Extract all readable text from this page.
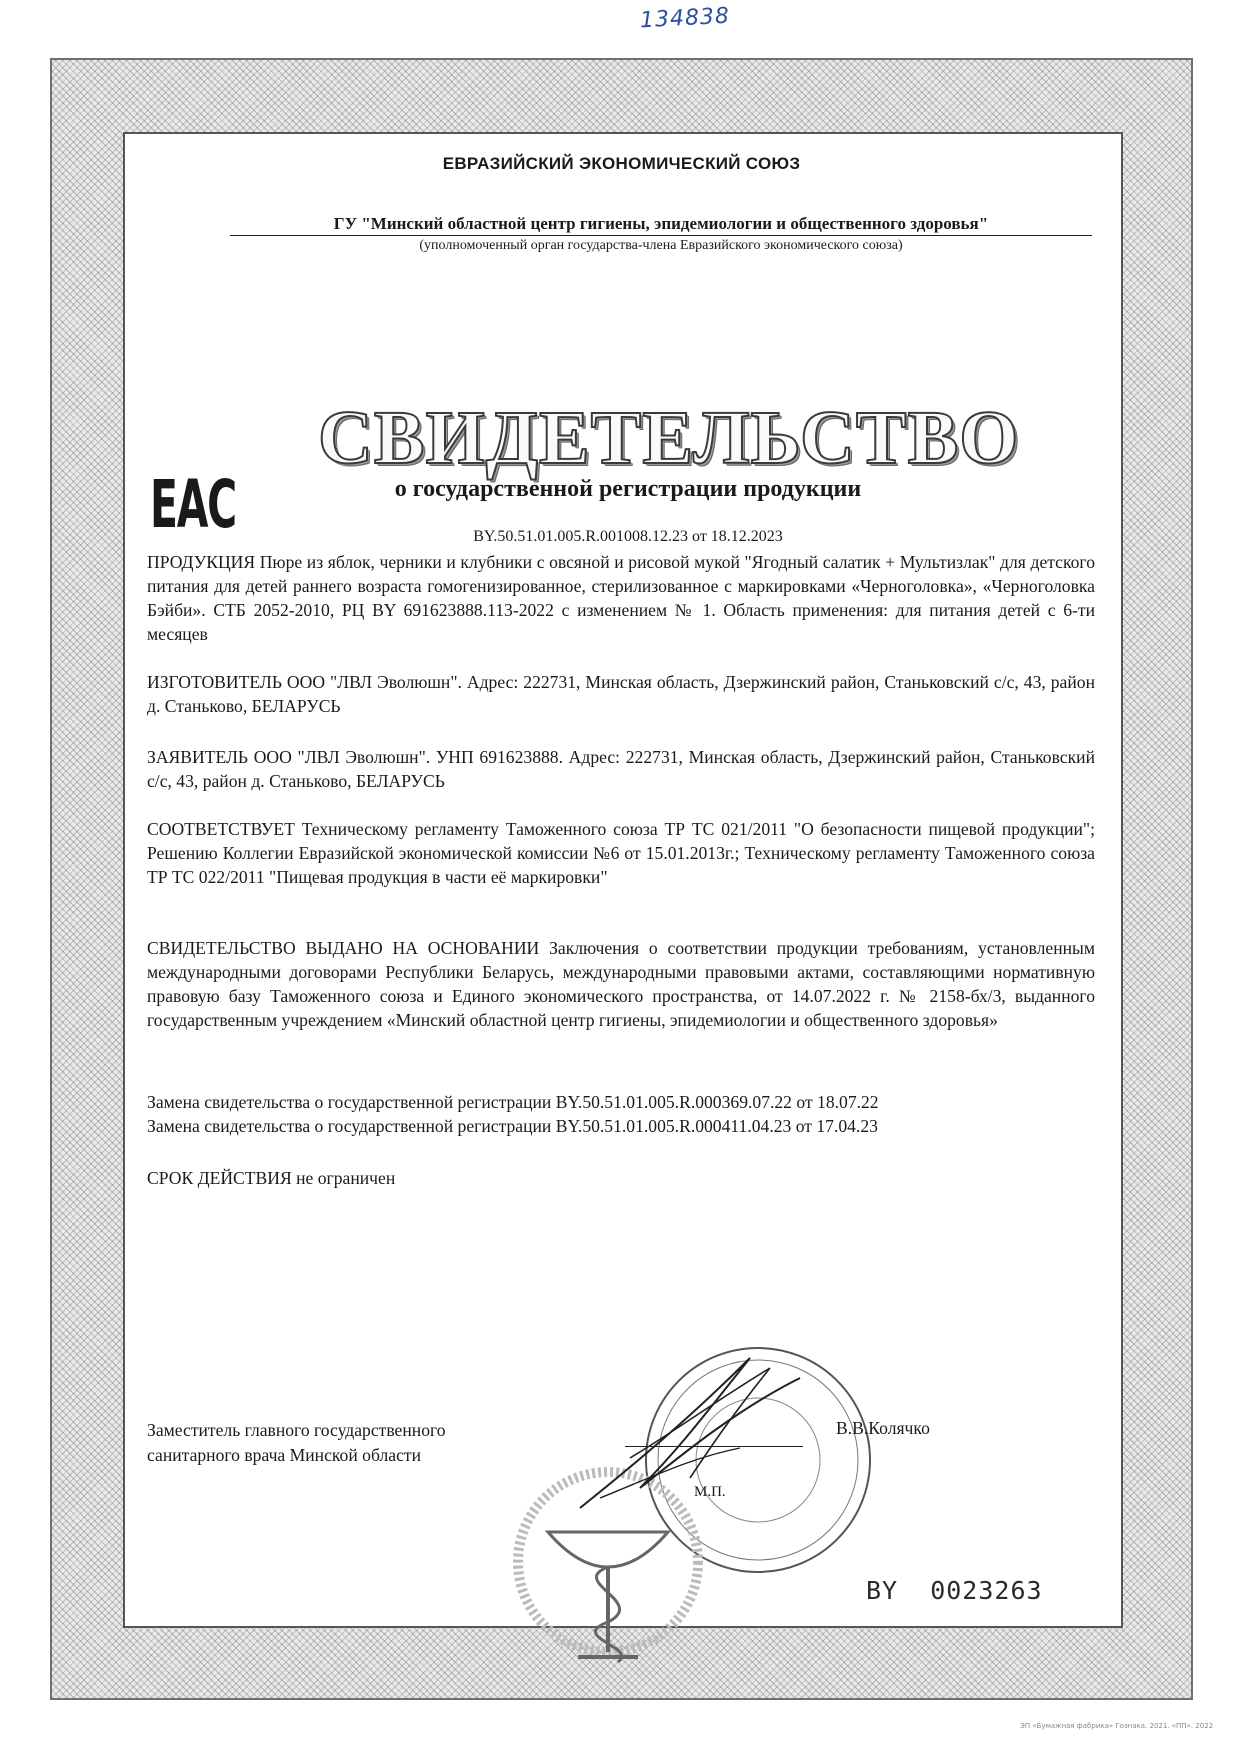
134838
ЕВРАЗИЙСКИЙ ЭКОНОМИЧЕСКИЙ СОЮЗ
ГУ "Минский областной центр гигиены, эпидемиологии и общественного здоровья"
(уполномоченный орган государства-члена Евразийского экономического союза)
ЕАС
СВИДЕТЕЛЬСТВО
о государственной регистрации продукции
BY.50.51.01.005.R.001008.12.23 от 18.12.2023
ПРОДУКЦИЯ Пюре из яблок, черники и клубники с овсяной и рисовой мукой "Ягодный салатик + Мультизлак" для детского питания для детей раннего возраста гомогенизированное, стерилизованное с маркировками «Черноголовка», «Черноголовка Бэйби». СТБ 2052-2010, РЦ BY 691623888.113-2022 с изменением № 1. Область применения: для питания детей с 6-ти месяцев
ИЗГОТОВИТЕЛЬ ООО "ЛВЛ Эволюшн". Адрес: 222731, Минская область, Дзержинский район, Станьковский с/с, 43, район д. Станьково, БЕЛАРУСЬ
ЗАЯВИТЕЛЬ ООО "ЛВЛ Эволюшн". УНП 691623888. Адрес: 222731, Минская область, Дзержинский район, Станьковский с/с, 43, район д. Станьково, БЕЛАРУСЬ
СООТВЕТСТВУЕТ Техническому регламенту Таможенного союза ТР ТС 021/2011 "О безопасности пищевой продукции"; Решению Коллегии Евразийской экономической комиссии №6 от 15.01.2013г.; Техническому регламенту Таможенного союза ТР ТС 022/2011 "Пищевая продукция в части её маркировки"
СВИДЕТЕЛЬСТВО ВЫДАНО НА ОСНОВАНИИ Заключения о соответствии продукции требованиям, установленным международными договорами Республики Беларусь, международными правовыми актами, составляющими нормативную правовую базу Таможенного союза и Единого экономического пространства, от 14.07.2022 г. № 2158-бх/3, выданного государственным учреждением «Минский областной центр гигиены, эпидемиологии и общественного здоровья»
Замена свидетельства о государственной регистрации BY.50.51.01.005.R.000369.07.22 от 18.07.22
Замена свидетельства о государственной регистрации BY.50.51.01.005.R.000411.04.23 от 17.04.23
СРОК ДЕЙСТВИЯ не ограничен
Заместитель главного государственного
санитарного врача Минской области
В.В.Колячко
М.П.
BY  0023263
ЭП «Бумажная фабрика» Гознака. 2021. «ПП». 2022
